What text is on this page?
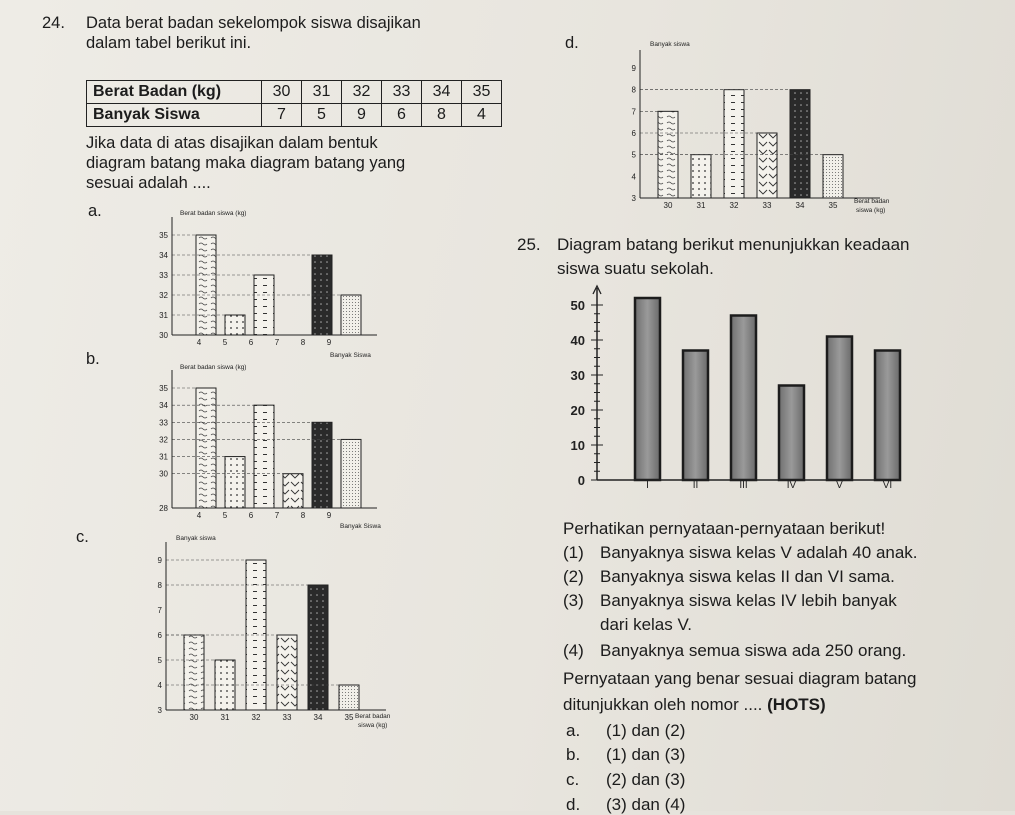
24. Data berat badan sekelompok siswa disajikan
dalam tabel berikut ini.
Berat Badan (kg)	30	31	32	33	34	35
Banyak Siswa	7	5	9	6	8	4
Jika data di atas disajikan dalam bentuk
diagram batang maka diagram batang yang
sesuai adalah ....
a.
b.
c.
d.
Berat badan siswa (kg)
Banyak Siswa
30
31
32
33
34
35
4	5	6	7	8	9
Berat badan siswa (kg)
Banyak Siswa
28
30
31
32
33
34
35
4	5	6	7	8	9
Banyak siswa
Berat badan
siswa (kg)
3
4
5
6
7
8
9
30	31	32	33	34	35
Banyak siswa
Berat badan
siswa (kg)
3
4
5
6
7
8
9
30	31	32	33	34	35
25. Diagram batang berikut menunjukkan keadaan
siswa suatu sekolah.
0
10
20
30
40
50
I	II	III	IV	V	VI
Perhatikan pernyataan-pernyataan berikut!
(1) Banyaknya siswa kelas V adalah 40 anak.
(2) Banyaknya siswa kelas II dan VI sama.
(3) Banyaknya siswa kelas IV lebih banyak
dari kelas V.
(4) Banyaknya semua siswa ada 250 orang.
Pernyataan yang benar sesuai diagram batang
ditunjukkan oleh nomor .... (HOTS)
a. (1) dan (2)
b. (1) dan (3)
c. (2) dan (3)
d. (3) dan (4)
